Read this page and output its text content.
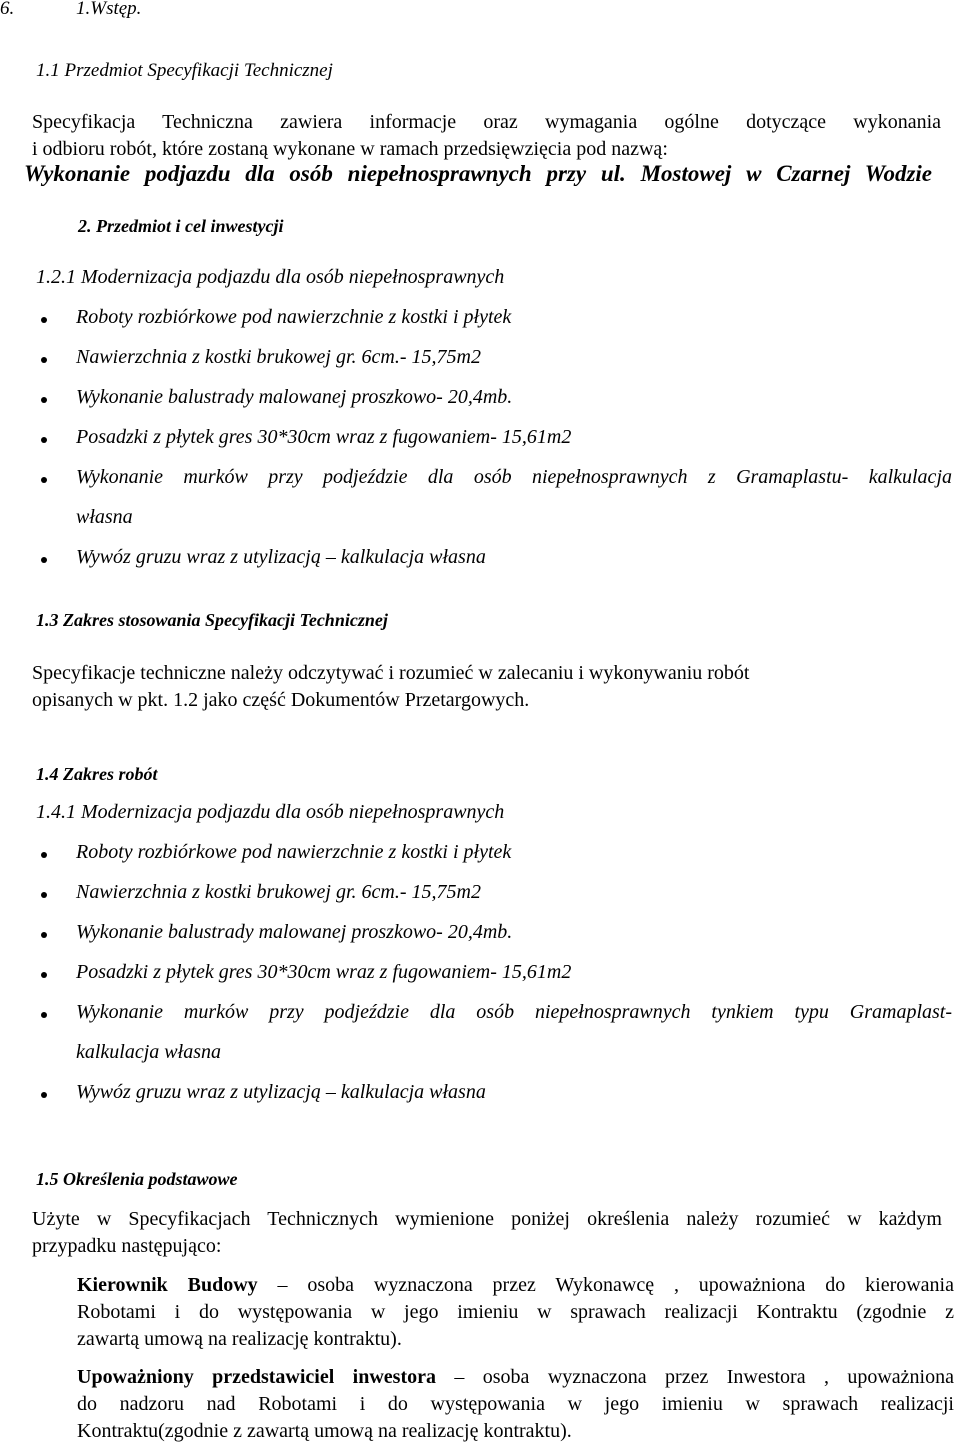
6.	1.Wstęp.
1.1 Przedmiot Specyfikacji Technicznej
Specyfikacja Techniczna zawiera informacje oraz wymagania ogólne dotyczące wykonania
i odbioru robót, które zostaną wykonane w ramach przedsięwzięcia pod nazwą:
Wykonanie podjazdu dla osób niepełnosprawnych przy ul. Mostowej w Czarnej Wodzie
2. Przedmiot i cel inwestycji
1.2.1 Modernizacja podjazdu dla osób niepełnosprawnych
Roboty rozbiórkowe pod nawierzchnie z kostki i płytek
Nawierzchnia z kostki brukowej gr. 6cm.- 15,75m2
Wykonanie balustrady malowanej proszkowo- 20,4mb.
Posadzki z płytek gres 30*30cm wraz z fugowaniem- 15,61m2
Wykonanie murków przy podjeździe dla osób niepełnosprawnych z Gramaplastu- kalkulacja
własna
Wywóz gruzu wraz z utylizacją – kalkulacja własna
1.3 Zakres stosowania Specyfikacji Technicznej
Specyfikacje techniczne należy odczytywać i rozumieć w zalecaniu i wykonywaniu robót
opisanych w pkt. 1.2 jako część Dokumentów Przetargowych.
1.4 Zakres robót
1.4.1 Modernizacja podjazdu dla osób niepełnosprawnych
Roboty rozbiórkowe pod nawierzchnie z kostki i płytek
Nawierzchnia z kostki brukowej gr. 6cm.- 15,75m2
Wykonanie balustrady malowanej proszkowo- 20,4mb.
Posadzki z płytek gres 30*30cm wraz z fugowaniem- 15,61m2
Wykonanie murków przy podjeździe dla osób niepełnosprawnych tynkiem typu Gramaplast-
kalkulacja własna
Wywóz gruzu wraz z utylizacją – kalkulacja własna
1.5 Określenia podstawowe
Użyte w Specyfikacjach Technicznych wymienione poniżej określenia należy rozumieć w każdym
przypadku następująco:
Kierownik Budowy – osoba wyznaczona przez Wykonawcę , upoważniona do kierowania
Robotami i do występowania w jego imieniu w sprawach realizacji Kontraktu (zgodnie z
zawartą umową na realizację kontraktu).
Upoważniony przedstawiciel inwestora – osoba wyznaczona przez Inwestora , upoważniona
do nadzoru nad Robotami i do występowania w jego imieniu w sprawach realizacji
Kontraktu(zgodnie z zawartą umową na realizację kontraktu).
